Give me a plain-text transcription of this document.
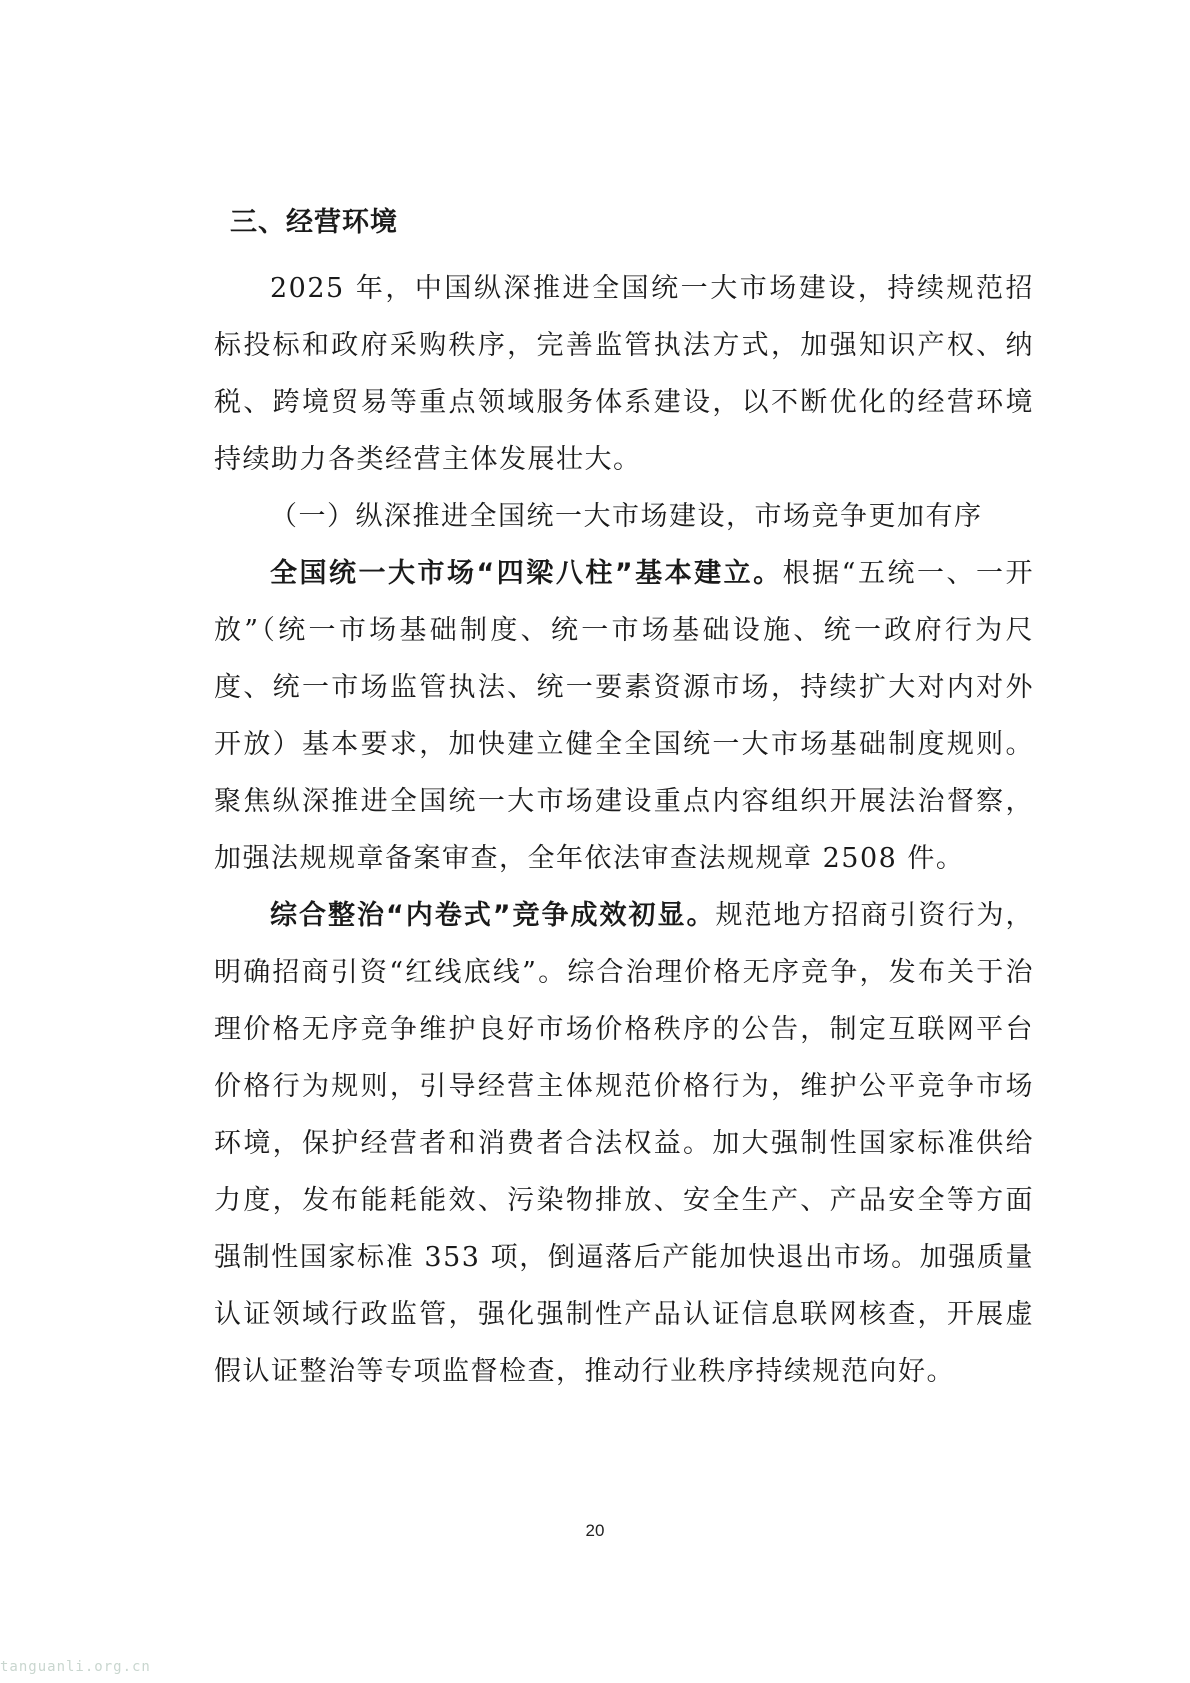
三、经营环境

2025 年，中国纵深推进全国统一大市场建设，持续规范招标投标和政府采购秩序，完善监管执法方式，加强知识产权、纳税、跨境贸易等重点领域服务体系建设，以不断优化的经营环境持续助力各类经营主体发展壮大。

（一）纵深推进全国统一大市场建设，市场竞争更加有序

全国统一大市场“四梁八柱”基本建立。根据“五统一、一开放”（统一市场基础制度、统一市场基础设施、统一政府行为尺度、统一市场监管执法、统一要素资源市场，持续扩大对内对外开放）基本要求，加快建立健全全国统一大市场基础制度规则。聚焦纵深推进全国统一大市场建设重点内容组织开展法治督察，加强法规规章备案审查，全年依法审查法规规章 2508 件。

综合整治“内卷式”竞争成效初显。规范地方招商引资行为，明确招商引资“红线底线”。综合治理价格无序竞争，发布关于治理价格无序竞争维护良好市场价格秩序的公告，制定互联网平台价格行为规则，引导经营主体规范价格行为，维护公平竞争市场环境，保护经营者和消费者合法权益。加大强制性国家标准供给力度，发布能耗能效、污染物排放、安全生产、产品安全等方面强制性国家标准 353 项，倒逼落后产能加快退出市场。加强质量认证领域行政监管，强化强制性产品认证信息联网核查，开展虚假认证整治等专项监督检查，推动行业秩序持续规范向好。

20
tanguanli.org.cn
